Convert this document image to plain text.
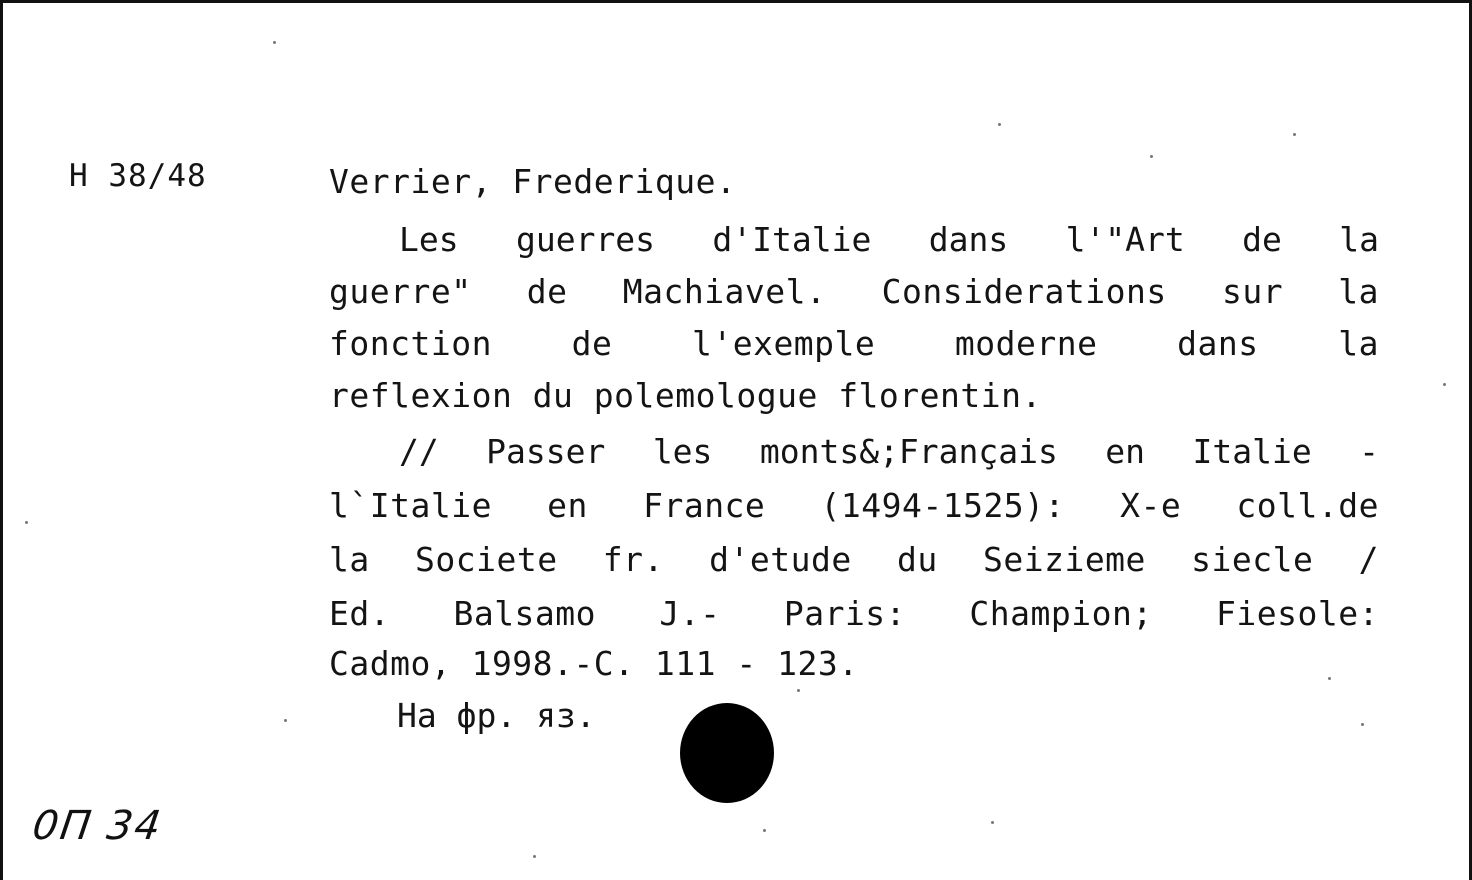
H 38/48	Verrier, Frederique.
Les guerres d'Italie dans l'"Art de la
guerre" de Machiavel. Considerations sur la
fonction de l'exemple moderne dans la
reflexion du polemologue florentin.
// Passer les monts&;Français en Italie -
l`Italie en France (1494-1525): X-e coll.de
la Societe fr. d'etude du Seizieme siecle /
Ed. Balsamo J.- Paris: Champion; Fiesole:
Cadmo, 1998.-C. 111 - 123.
На фр. яз.
0П 34
